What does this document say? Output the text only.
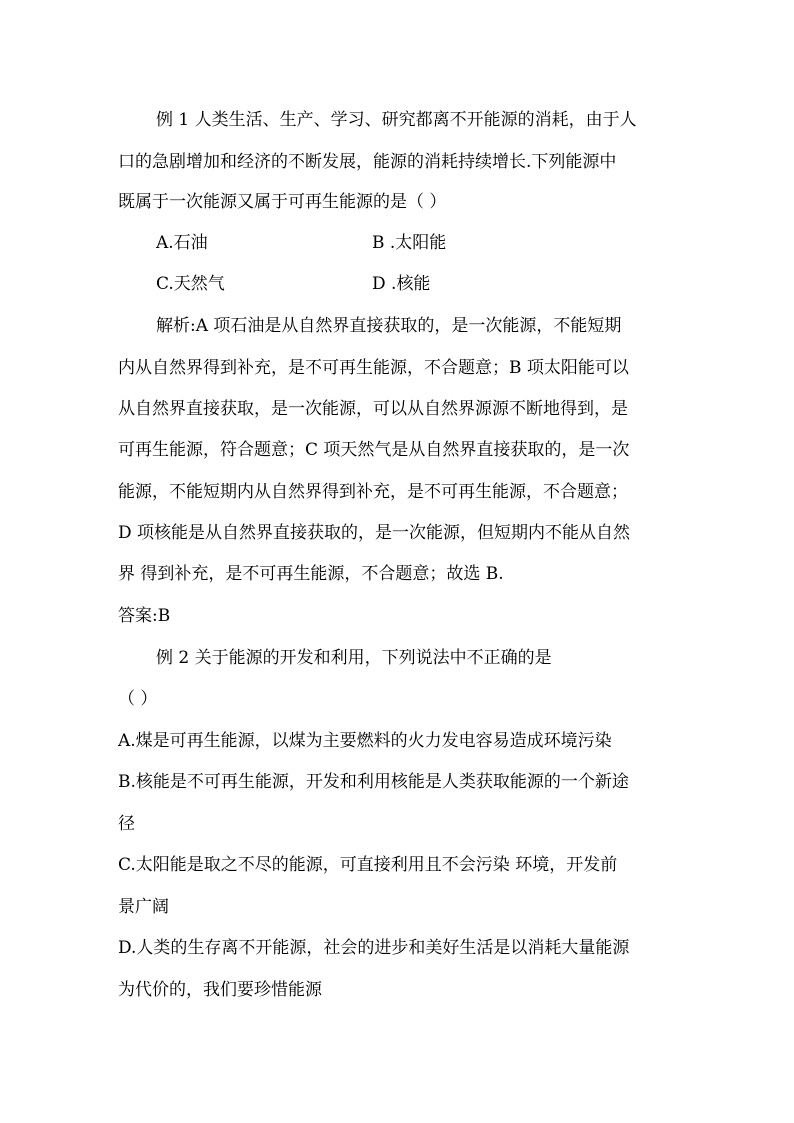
例 1 人类生活、生产、学习、研究都离不开能源的消耗，由于人
口的急剧增加和经济的不断发展，能源的消耗持续增长.下列能源中
既属于一次能源又属于可再生能源的是（ ）
A.石油	B .太阳能
C.天然气	D .核能
解析:A 项石油是从自然界直接获取的，是一次能源，不能短期
内从自然界得到补充，是不可再生能源，不合题意；B 项太阳能可以
从自然界直接获取，是一次能源，可以从自然界源源不断地得到，是
可再生能源，符合题意；C 项天然气是从自然界直接获取的，是一次
能源，不能短期内从自然界得到补充，是不可再生能源，不合题意；
D 项核能是从自然界直接获取的，是一次能源，但短期内不能从自然
界 得到补充，是不可再生能源，不合题意；故选 B.
答案:B
例 2 关于能源的开发和利用，下列说法中不正确的是
（ ）
A.煤是可再生能源，以煤为主要燃料的火力发电容易造成环境污染
B.核能是不可再生能源，开发和利用核能是人类获取能源的一个新途
径
C.太阳能是取之不尽的能源，可直接利用且不会污染 环境，开发前
景广阔
D.人类的生存离不开能源，社会的进步和美好生活是以消耗大量能源
为代价的，我们要珍惜能源
